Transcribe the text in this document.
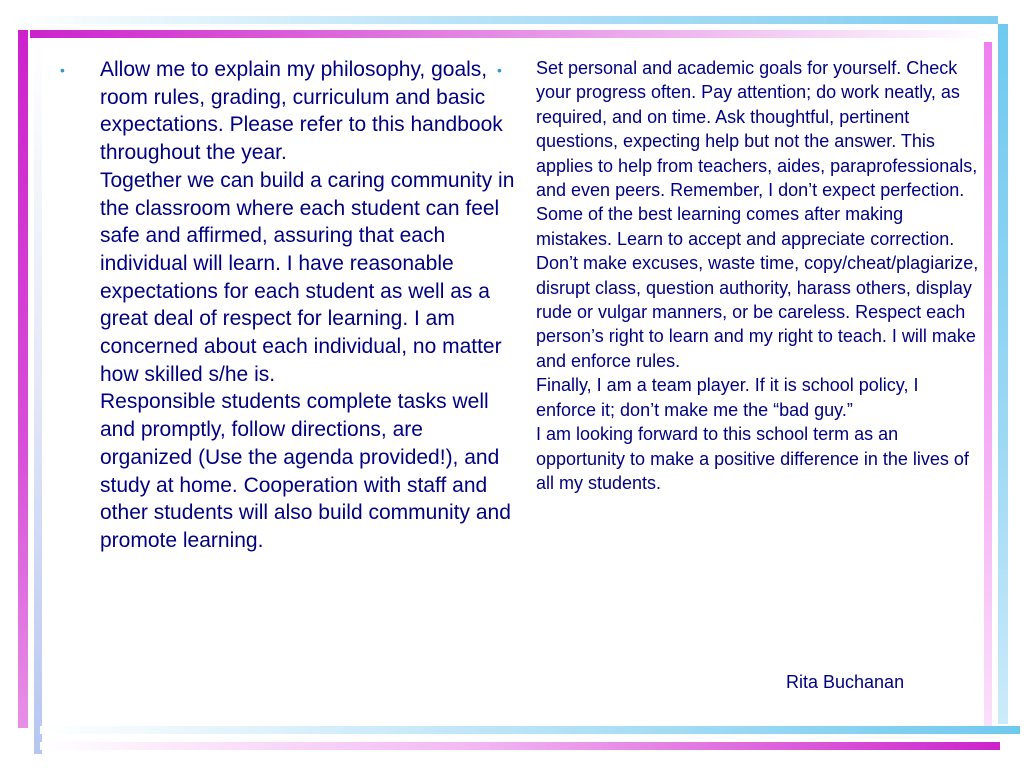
• Allow me to explain my philosophy, goals, room rules, grading, curriculum and basic expectations. Please refer to this handbook throughout the year.
Together we can build a caring community in the classroom where each student can feel safe and affirmed, assuring that each individual will learn. I have reasonable expectations for each student as well as a great deal of respect for learning. I am concerned about each individual, no matter how skilled s/he is.
Responsible students complete tasks well and promptly, follow directions, are organized (Use the agenda provided!), and study at home. Cooperation with staff and other students will also build community and promote learning.
• Set personal and academic goals for yourself. Check your progress often. Pay attention; do work neatly, as required, and on time. Ask thoughtful, pertinent questions, expecting help but not the answer. This applies to help from teachers, aides, paraprofessionals, and even peers. Remember, I don’t expect perfection. Some of the best learning comes after making mistakes. Learn to accept and appreciate correction.
Don’t make excuses, waste time, copy/cheat/plagiarize, disrupt class, question authority, harass others, display rude or vulgar manners, or be careless. Respect each person’s right to learn and my right to teach. I will make and enforce rules.
Finally, I am a team player. If it is school policy, I enforce it; don’t make me the “bad guy.”
I am looking forward to this school term as an opportunity to make a positive difference in the lives of all my students.
Rita Buchanan
